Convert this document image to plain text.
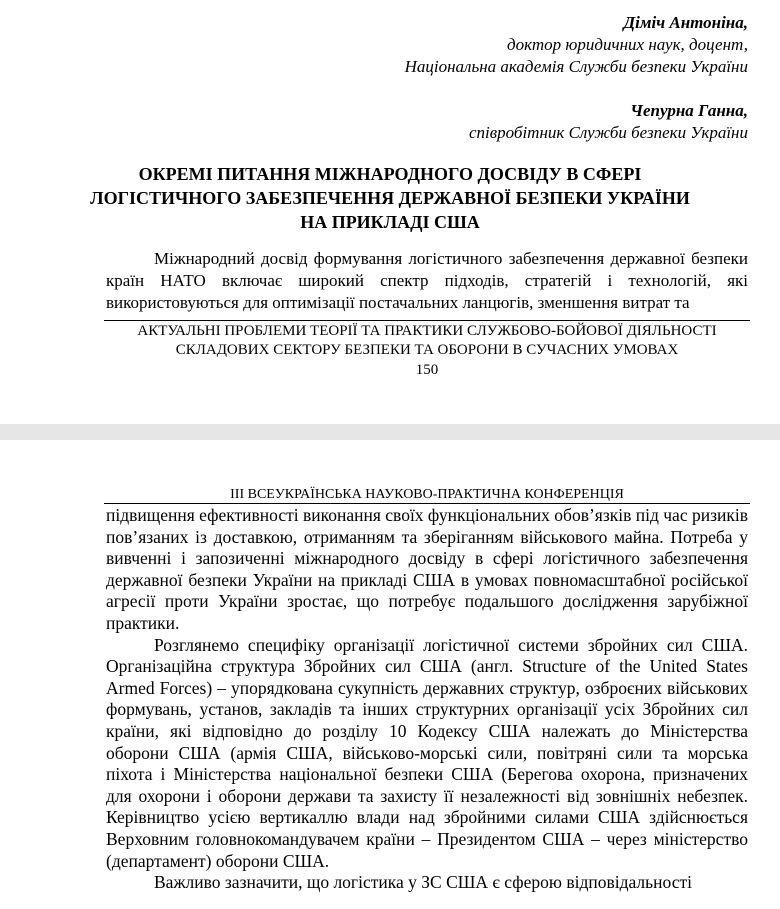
Дiміч Антоніна,
доктор юридичних наук, доцент,
Національна академія Служби безпеки України
Чепурна Ганна,
співробітник Служби безпеки України
ОКРЕМІ ПИТАННЯ МІЖНАРОДНОГО ДОСВІДУ В СФЕРІ
ЛОГІСТИЧНОГО ЗАБЕЗПЕЧЕННЯ ДЕРЖАВНОЇ БЕЗПЕКИ УКРАЇНИ
НА ПРИКЛАДІ США
Міжнародний досвід формування логістичного забезпечення державної безпеки країн НАТО включає широкий спектр підходів, стратегій і технологій, які використовуються для оптимізації постачальних ланцюгів, зменшення витрат та
АКТУАЛЬНІ ПРОБЛЕМИ ТЕОРІЇ ТА ПРАКТИКИ СЛУЖБОВО-БОЙОВОЇ ДІЯЛЬНОСТІ
СКЛАДОВИХ СЕКТОРУ БЕЗПЕКИ ТА ОБОРОНИ В СУЧАСНИХ УМОВАХ
150
ІІІ ВСЕУКРАЇНСЬКА НАУКОВО-ПРАКТИЧНА КОНФЕРЕНЦІЯ

підвищення ефективності виконання своїх функціональних обов’язків під час ризиків пов’язаних із доставкою, отриманням та зберіганням військового майна. Потреба у вивченні і запозиченні міжнародного досвіду в сфері логістичного забезпечення державної безпеки України на прикладі США в умовах повномасштабної російської агресії проти України зростає, що потребує подальшого дослідження зарубіжної практики.

Розглянемо специфіку організації логістичної системи збройних сил США. Організаційна структура Збройних сил США (англ. Structure of the United States Armed Forces) – упорядкована сукупність державних структур, озброєних військових формувань, установ, закладів та інших структурних організації усіх Збройних сил країни, які відповідно до розділу 10 Кодексу США належать до Міністерства оборони США (армія США, військово-морські сили, повітряні сили та морська піхота і Міністерства національної безпеки США (Берегова охорона, призначених для охорони і оборони держави та захисту її незалежності від зовнішніх небезпек. Керівництво усією вертикаллю влади над збройними силами США здійснюється Верховним головнокомандувачем країни – Президентом США – через міністерство (департамент) оборони США.

Важливо зазначити, що логістика у ЗС США є сферою відповідальності
